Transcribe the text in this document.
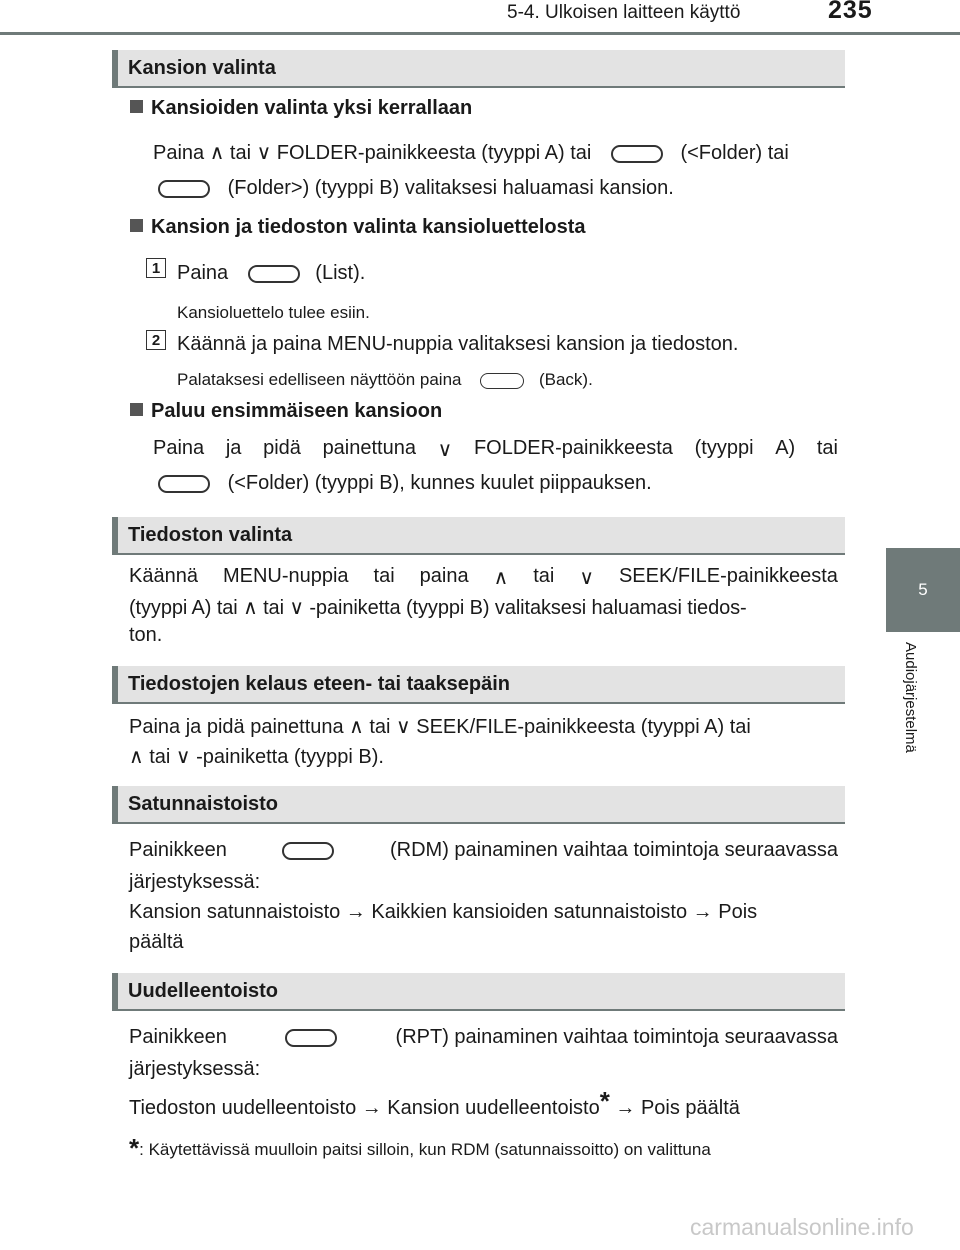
5-4. Ulkoisen laitteen käyttö	235
5
Audiojärjestelmä
Kansion valinta
Kansioiden valinta yksi kerrallaan
Paina ∧ tai ∨ FOLDER-painikkeesta (tyyppi A) tai	(<Folder) tai
(Folder>) (tyyppi B) valitaksesi haluamasi kansion.
Kansion ja tiedoston valinta kansioluettelosta
1 Paina	(List).
Kansioluettelo tulee esiin.
2 Käännä ja paina MENU-nuppia valitaksesi kansion ja tiedoston.
Palataksesi edelliseen näyttöön paina	(Back).
Paluu ensimmäiseen kansioon
Paina ja pidä painettuna ∨ FOLDER-painikkeesta (tyyppi A) tai
(<Folder) (tyyppi B), kunnes kuulet piippauksen.
Tiedoston valinta
Käännä MENU-nuppia tai paina ∧ tai ∨ SEEK/FILE-painikkeesta
(tyyppi A) tai ∧ tai ∨ -painiketta (tyyppi B) valitaksesi haluamasi tiedos-
ton.
Tiedostojen kelaus eteen- tai taaksepäin
Paina ja pidä painettuna ∧ tai ∨ SEEK/FILE-painikkeesta (tyyppi A) tai
∧ tai ∨ -painiketta (tyyppi B).
Satunnaistoisto
Painikkeen	(RDM) painaminen vaihtaa toimintoja seuraavassa
järjestyksessä:
Kansion satunnaistoisto → Kaikkien kansioiden satunnaistoisto → Pois
päältä
Uudelleentoisto
Painikkeen	(RPT) painaminen vaihtaa toimintoja seuraavassa
järjestyksessä:
Tiedoston uudelleentoisto → Kansion uudelleentoisto* → Pois päältä
*: Käytettävissä muulloin paitsi silloin, kun RDM (satunnaissoitto) on valittuna
carmanualsonline.info
